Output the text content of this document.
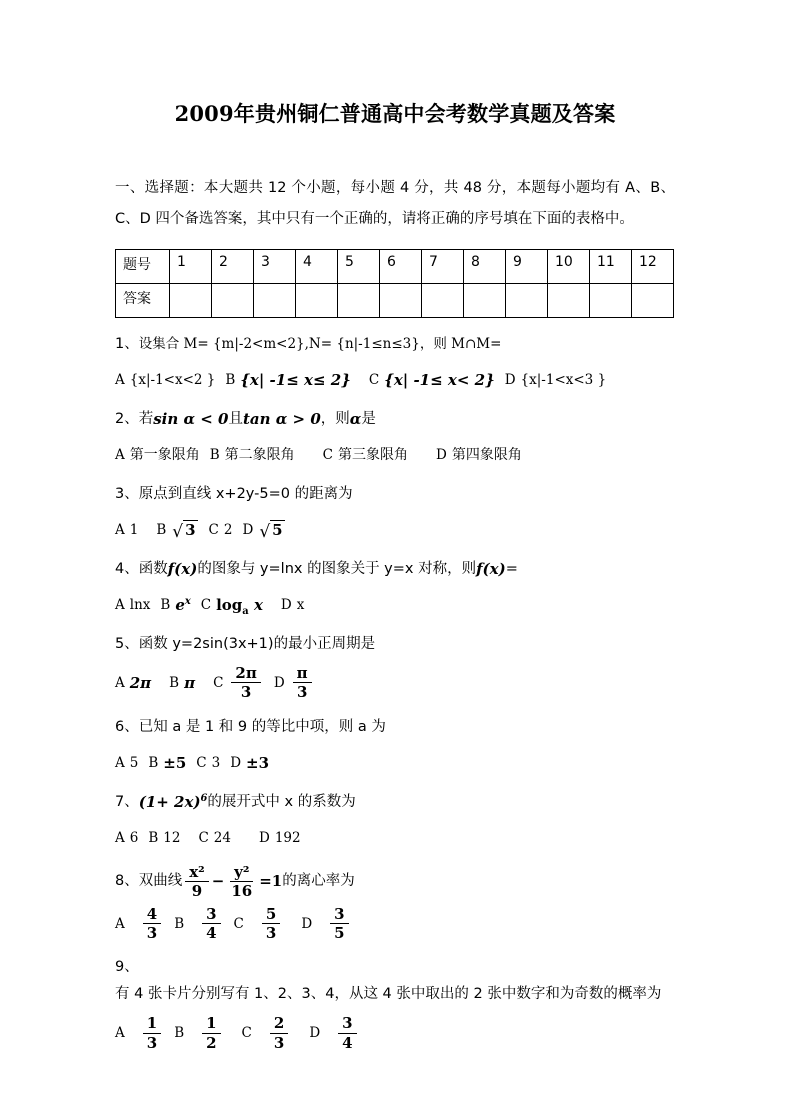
2009年贵州铜仁普通高中会考数学真题及答案

一、选择题：本大题共 12 个小题，每小题 4 分，共 48 分，本题每小题均有 A、B、C、D 四个备选答案，其中只有一个正确的，请将正确的序号填在下面的表格中。

题号	1	2	3	4	5	6	7	8	9	10	11	12
答案												
1、 设集合 M= {m|-2<m<2},N= {n|-1≤n≤3}，则 M∩M=
A {x|-1<x<2 } B {x| -1≤ x≤ 2} C {x| -1≤ x< 2} D {x|-1<x<3 }
2、 若 sin α < 0 且 tan α > 0 ，则 α 是
A 第一象限角 B 第二象限角 C 第三象限角 D 第四象限角
3、 原点到直线 x+2y-5=0 的距离为
A 1 B √ 3 C 2 D √ 5
4、 函数 f(x) 的图象与 y=lnx 的图象关于 y=x 对称，则 f(x) =
A lnx B $e^x$ C $\log_a x$ D x
5、 函数 y=2sin(3x+1)的最小正周期是
A 2π B π C $\frac{2\pi}{3}$ D $\frac{\pi}{3}$
6、 已知 a 是 1 和 9 的等比中项，则 a 为
A 5 B ±5 C 3 D ±3
7、 $(1+ 2x)^6$ 的展开式中 x 的系数为
A 6 B 12 C 24 D 192
8、 双曲线 $\frac{\text{x²}}{9} - \frac{\text{y²}}{16} =1$ 的离心率为
A $\frac{4}{3}$ B $\frac{3}{4}$ C $\frac{5}{3}$ D $\frac{3}{5}$
9、
有 4 张卡片分别写有 1、2、3、4，从这 4 张中取出的 2 张中数字和为奇数的概率为
A $\frac{1}{3}$ B $\frac{1}{2}$ C $\frac{2}{3}$ D $\frac{3}{4}$
